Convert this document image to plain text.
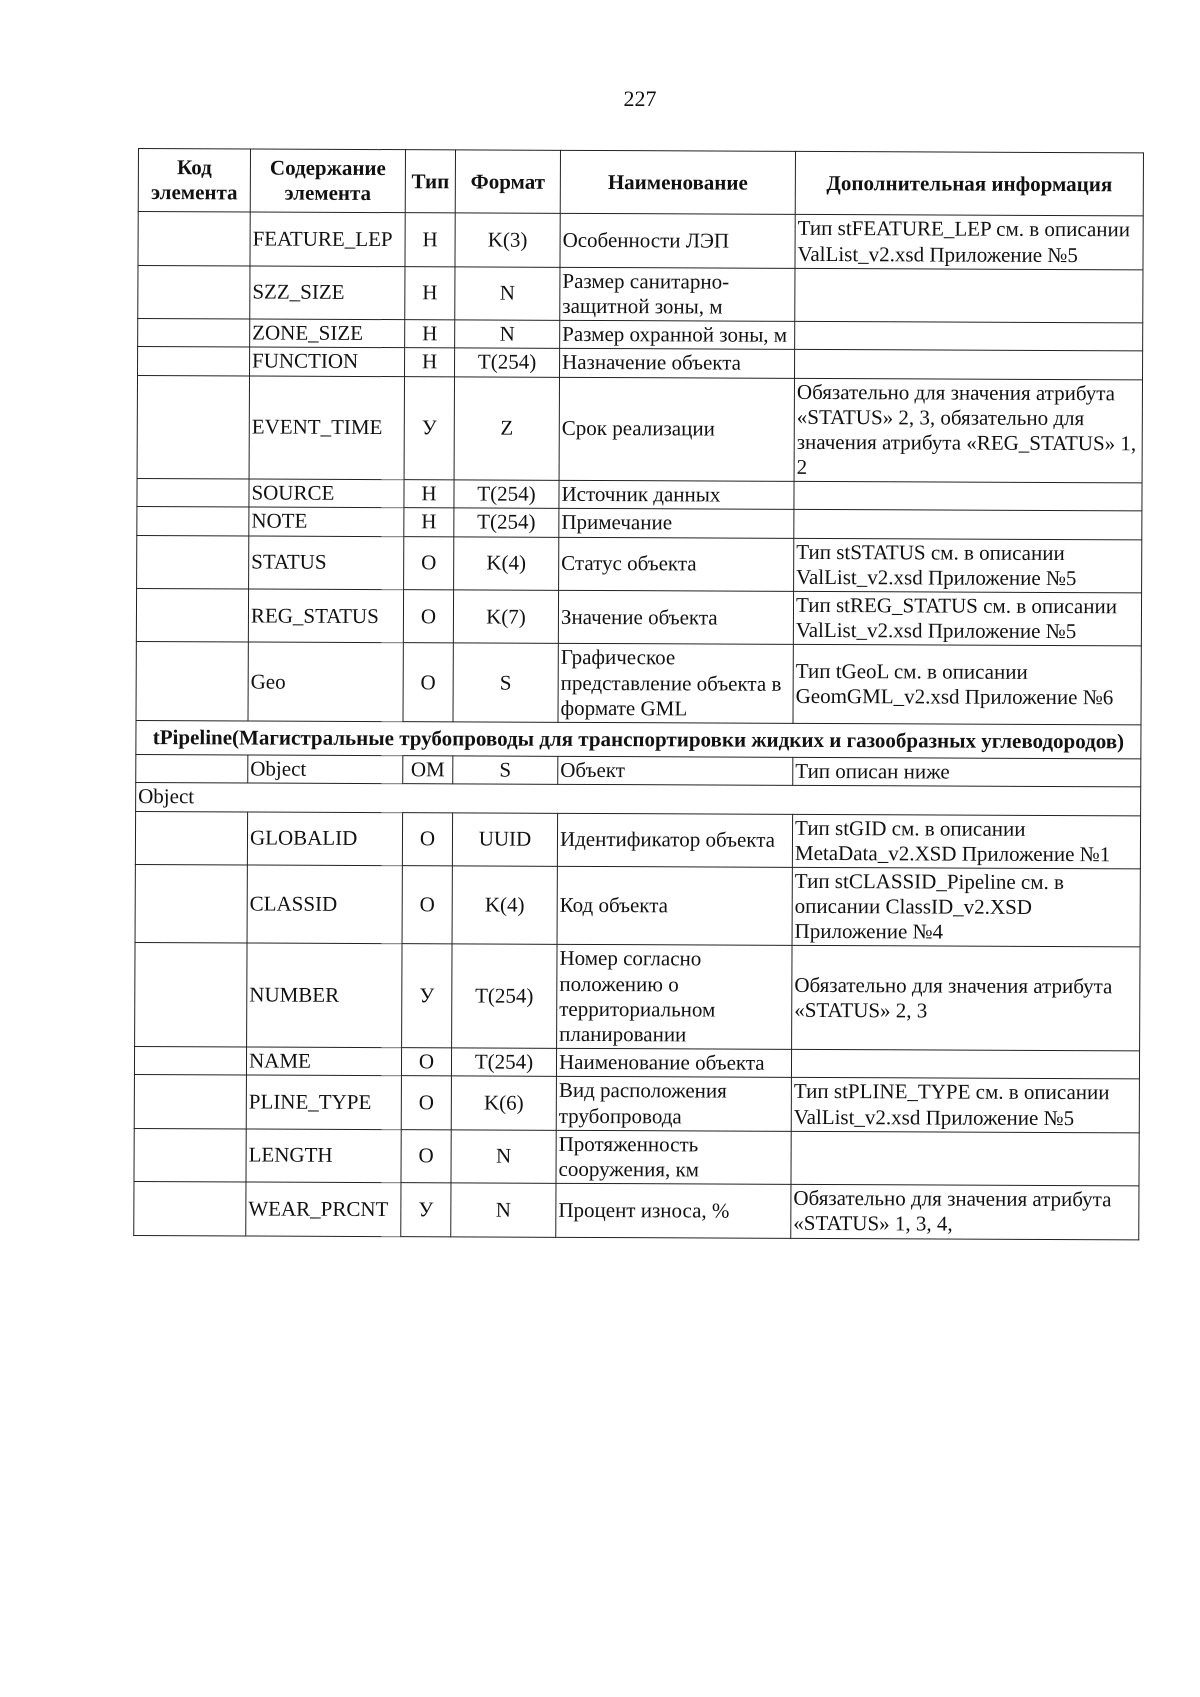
227
Код элемента	Содержание элемента	Тип	Формат	Наименование	Дополнительная информация
	FEATURE_LEP	Н	K(3)	Особенности ЛЭП	Тип stFEATURE_LEP см. в описании ValList_v2.xsd Приложение №5
	SZZ_SIZE	Н	N	Размер санитарно-защитной зоны, м	
	ZONE_SIZE	Н	N	Размер охранной зоны, м	
	FUNCTION	Н	T(254)	Назначение объекта	
	EVENT_TIME	У	Z	Срок реализации	Обязательно для значения атрибута «STATUS» 2, 3, обязательно для значения атрибута «REG_STATUS» 1, 2
	SOURCE	Н	T(254)	Источник данных	
	NOTE	Н	T(254)	Примечание	
	STATUS	О	K(4)	Статус объекта	Тип stSTATUS см. в описании ValList_v2.xsd Приложение №5
	REG_STATUS	О	K(7)	Значение объекта	Тип stREG_STATUS см. в описании ValList_v2.xsd Приложение №5
	Geo	О	S	Графическое представление объекта в формате GML	Тип tGeoL см. в описании GeomGML_v2.xsd Приложение №6
tPipeline(Магистральные трубопроводы для транспортировки жидких и газообразных углеводородов)					
	Object	ОМ	S	Объект	Тип описан ниже
Object					
	GLOBALID	О	UUID	Идентификатор объекта	Тип stGID см. в описании MetaData_v2.XSD Приложение №1
	CLASSID	О	K(4)	Код объекта	Тип stCLASSID_Pipeline см. в описании ClassID_v2.XSD Приложение №4
	NUMBER	У	T(254)	Номер согласно положению о территориальном планировании	Обязательно для значения атрибута «STATUS» 2, 3
	NAME	О	T(254)	Наименование объекта	
	PLINE_TYPE	О	K(6)	Вид расположения трубопровода	Тип stPLINE_TYPE см. в описании ValList_v2.xsd Приложение №5
	LENGTH	О	N	Протяженность сооружения, км	
	WEAR_PRCNT	У	N	Процент износа, %	Обязательно для значения атрибута «STATUS» 1, 3, 4,
